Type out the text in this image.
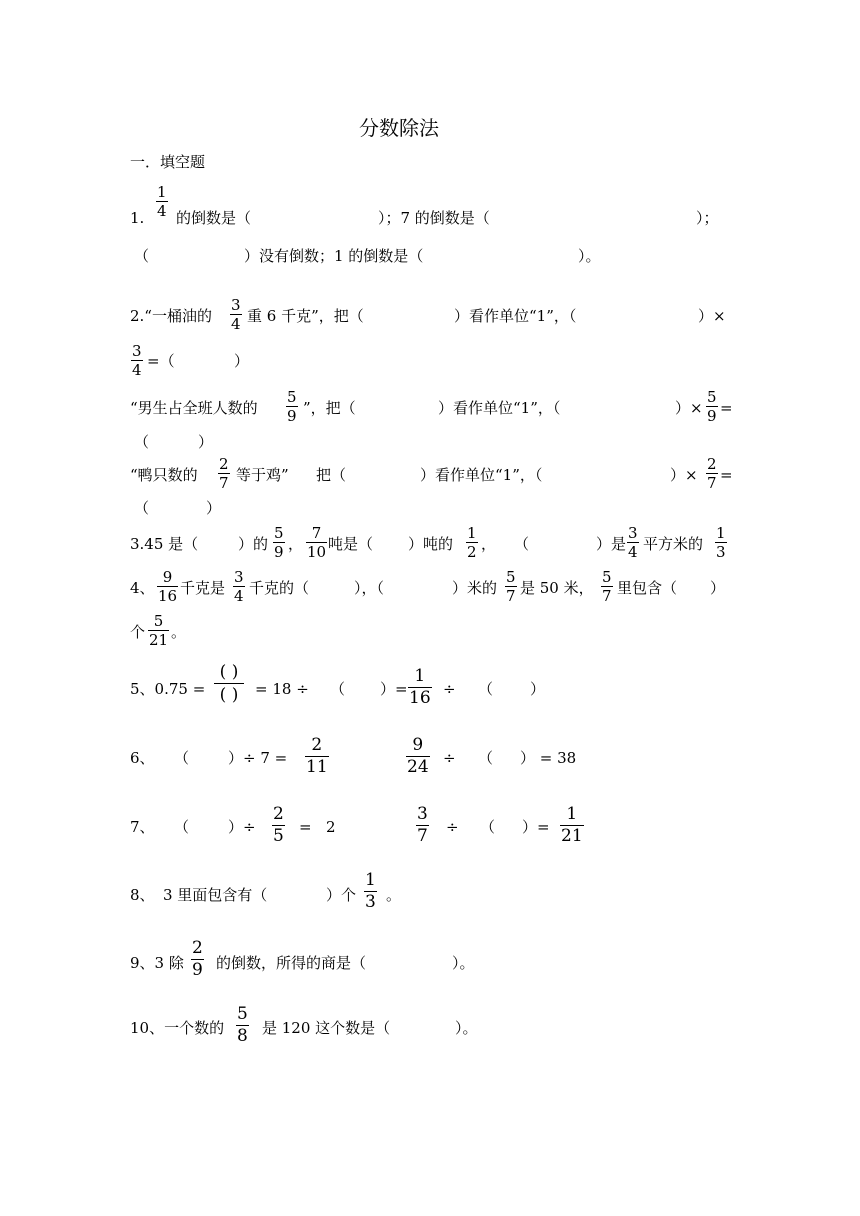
分数除法
一．填空题
1.
1
4 的倒数是（	）；7 的倒数是（	）；
（	）没有倒数；1 的倒数是（	）。
2.“一桶油的
3
4 重 6 千克”，把（	）看作单位“1”，（	）×
3
4 =（	）
“男生占全班人数的
5
9 ”，把（	）看作单位“1”，（	）×
5
9 =
（	）
“鸭只数的
2
7 等于鸡” 把（	）看作单位“1”，（	）×
2
7 =
（	）
3.45 是（	）的
5
9 ，
7
10 吨是（ ）吨的
1
2 ， （	）是
3
4 平方米的
1
3
4、
9
16 千克是
3
4 千克的（	），（	）米的
5
7 是 50 米，
5
7 里包含（ ）
个
5
21 。
5、0.75 =
( )
( ) = 18 ÷ （ ）=
1
16 ÷ （ ）
6、 （	）÷ 7 =
2
11
9
24 ÷ （ ） = 38
7、 （	）÷
2
5 = 2
3
7 ÷ （ ）=
1
21
8、 3 里面包含有（	）个
1
3 。
9、3 除
2
9 的倒数，所得的商是（	）。
10、一个数的
5
8 是 120 这个数是（	）。
